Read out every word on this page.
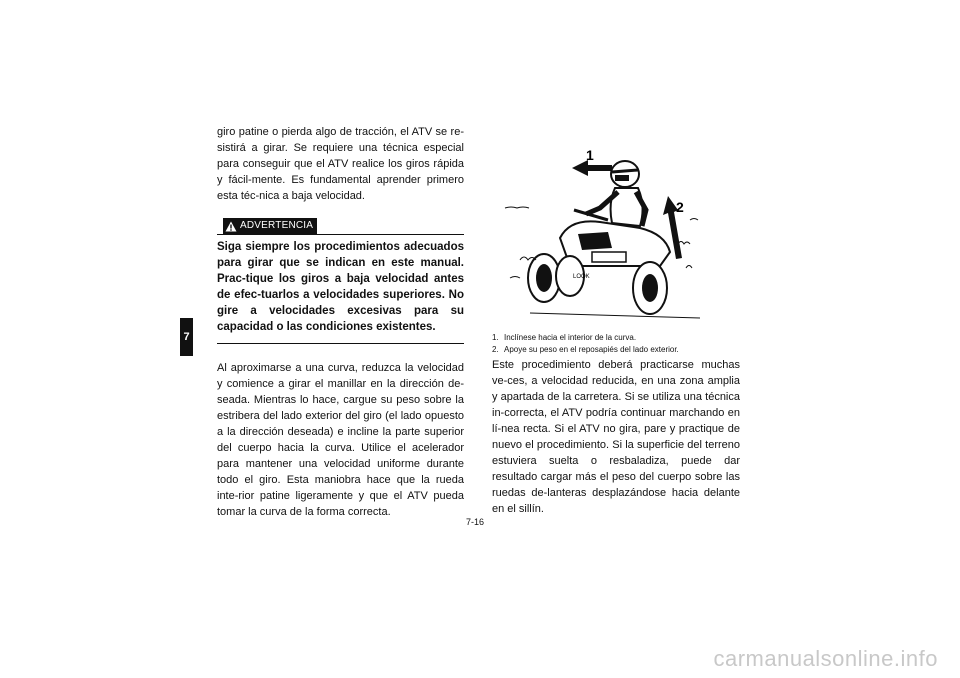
7

giro patine o pierda algo de tracción, el ATV se re-sistirá a girar. Se requiere una técnica especial para conseguir que el ATV realice los giros rápida y fácil-mente. Es fundamental aprender primero esta téc-nica a baja velocidad.

ADVERTENCIA

Siga siempre los procedimientos adecuados para girar que se indican en este manual. Prac-tique los giros a baja velocidad antes de efec-tuarlos a velocidades superiores. No gire a velocidades excesivas para su capacidad o las condiciones existentes.

Al aproximarse a una curva, reduzca la velocidad y comience a girar el manillar en la dirección de-seada. Mientras lo hace, cargue su peso sobre la estribera del lado exterior del giro (el lado opuesto a la dirección deseada) e incline la parte superior del cuerpo hacia la curva. Utilice el acelerador para mantener una velocidad uniforme durante todo el giro. Esta maniobra hace que la rueda inte-rior patine ligeramente y que el ATV pueda tomar la curva de la forma correcta.

1
2
LOOK
1. Inclínese hacia el interior de la curva.
2. Apoye su peso en el reposapiés del lado exterior.

Este procedimiento deberá practicarse muchas ve-ces, a velocidad reducida, en una zona amplia y apartada de la carretera. Si se utiliza una técnica in-correcta, el ATV podría continuar marchando en lí-nea recta. Si el ATV no gira, pare y practique de nuevo el procedimiento. Si la superficie del terreno estuviera suelta o resbaladiza, puede dar resultado cargar más el peso del cuerpo sobre las ruedas de-lanteras desplazándose hacia delante en el sillín.

7-16
carmanualsonline.info
